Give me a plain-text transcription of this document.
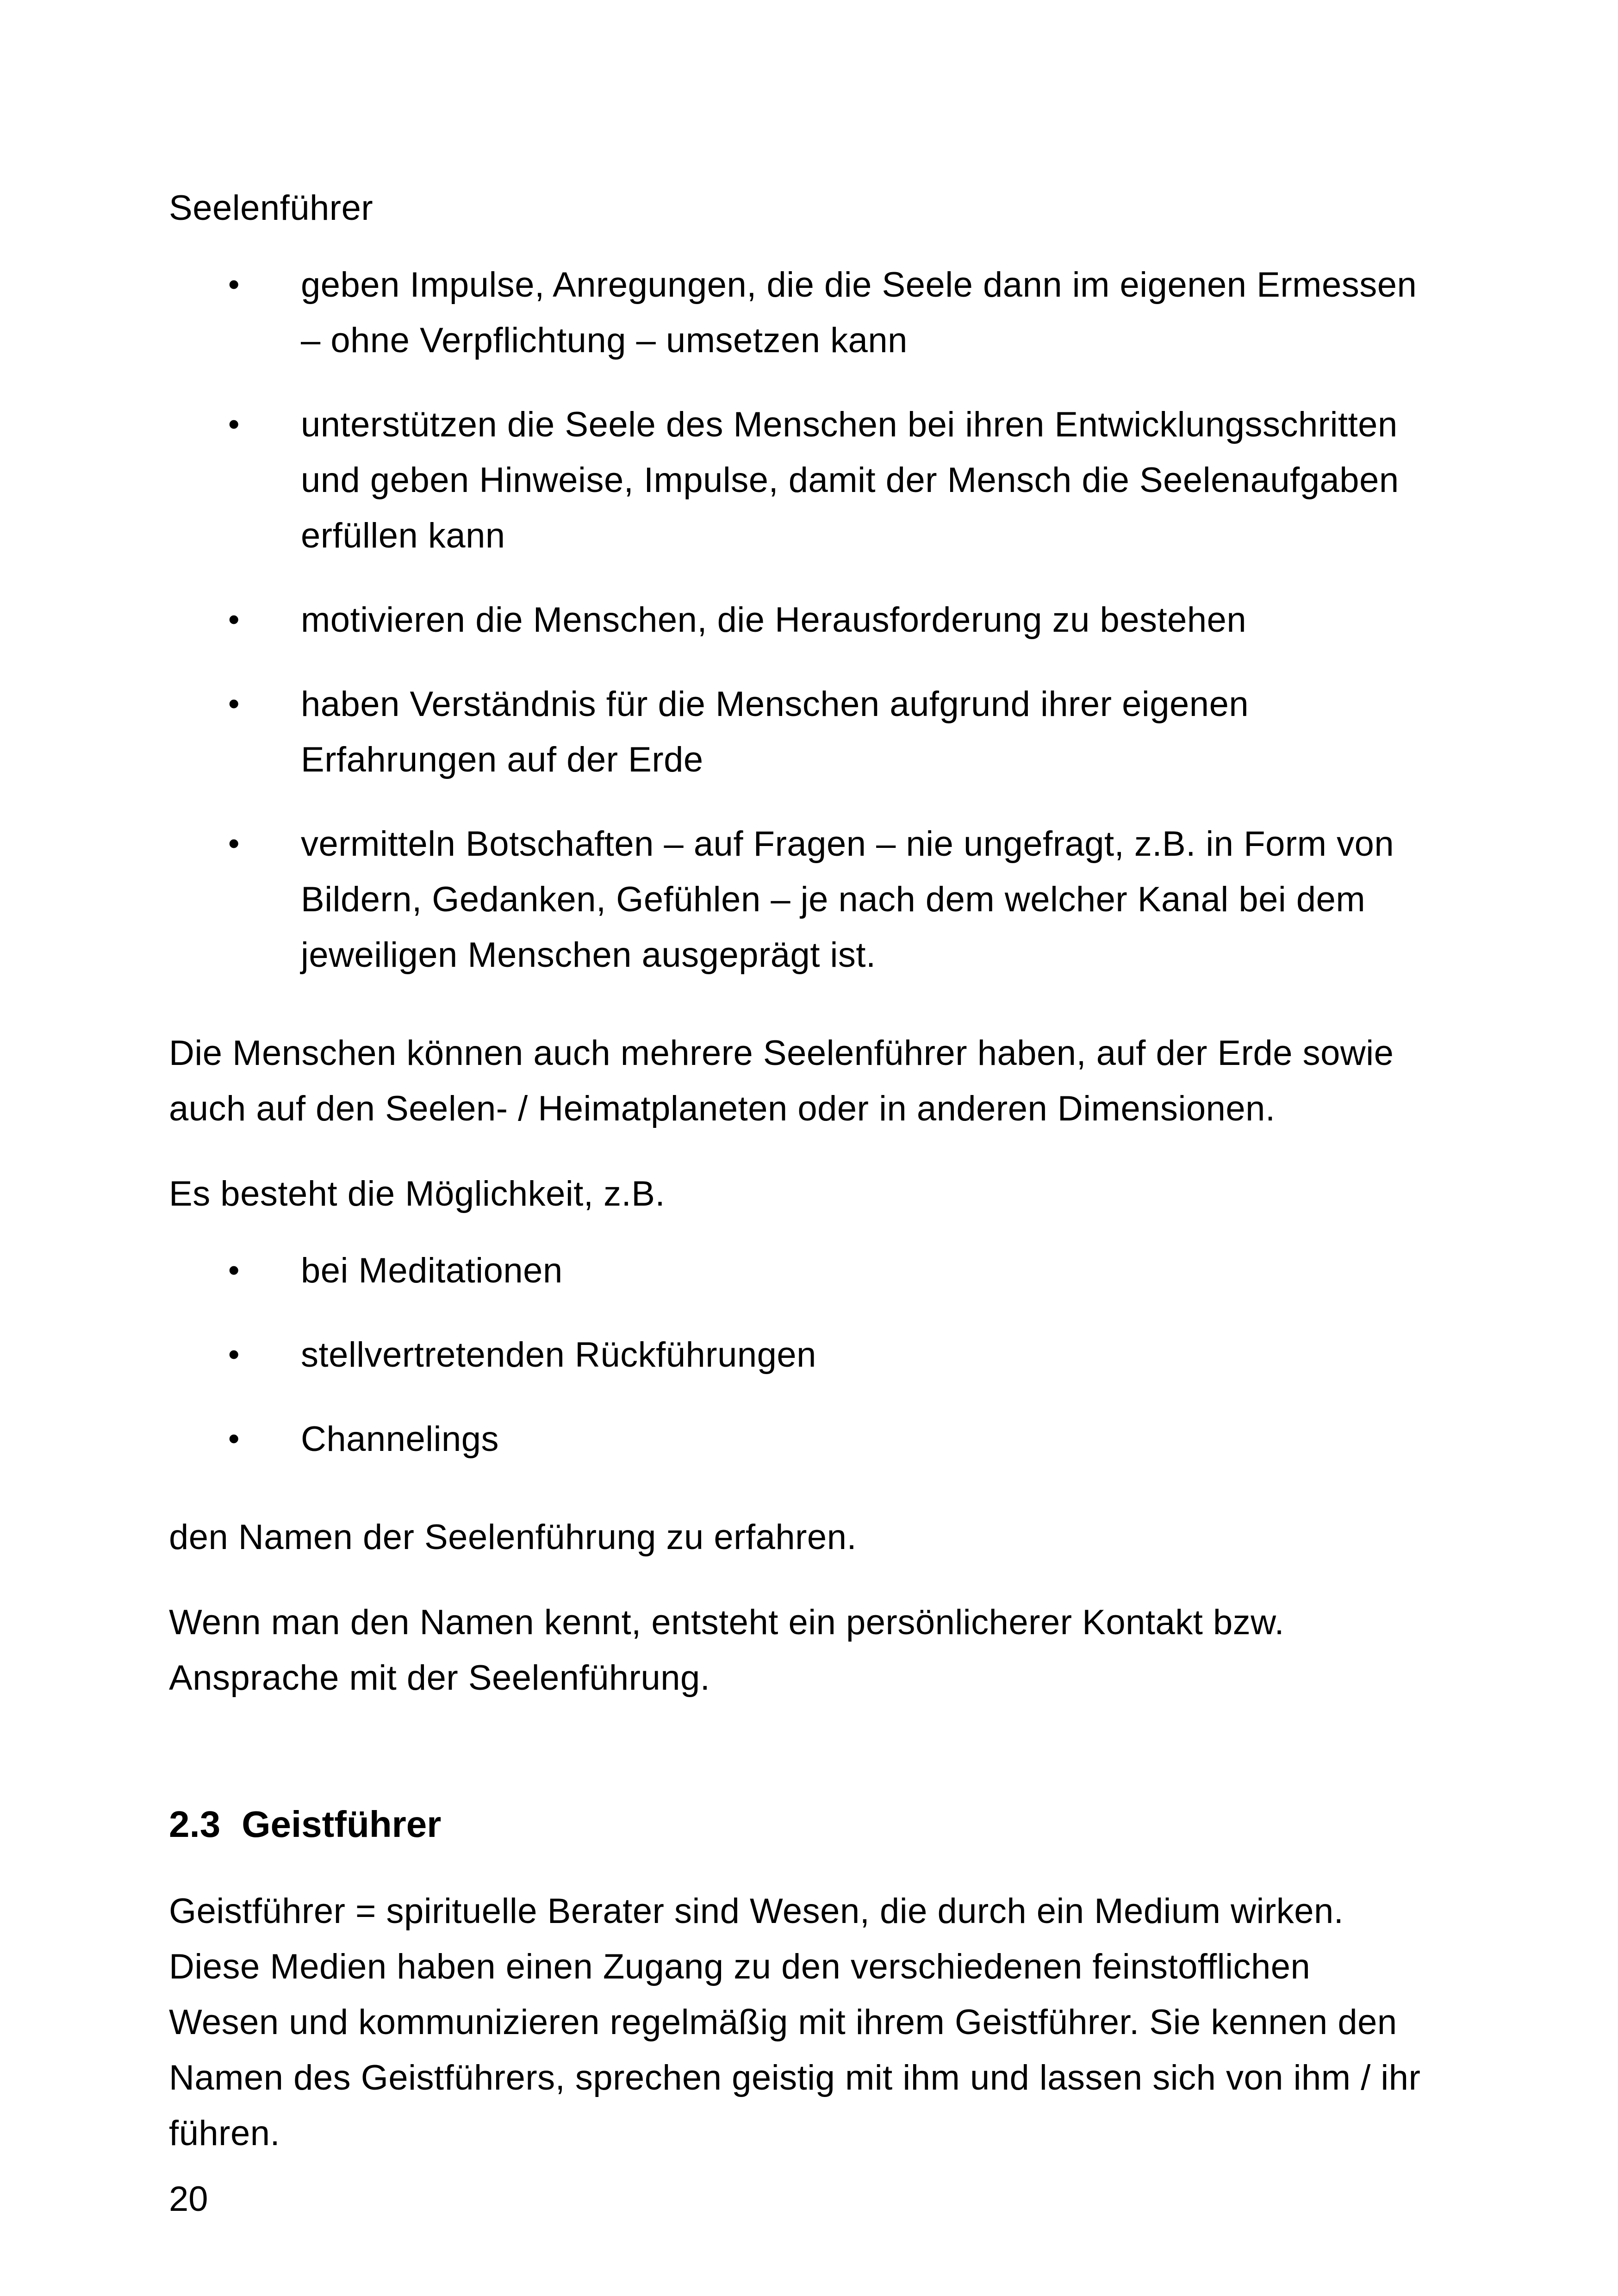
Seelenführer

• geben Impulse, Anregungen, die die Seele dann im eigenen Ermessen – ohne Verpflichtung – umsetzen kann
• unterstützen die Seele des Menschen bei ihren Entwicklungsschritten und geben Hinweise, Impulse, damit der Mensch die Seelenaufgaben erfüllen kann
• motivieren die Menschen, die Herausforderung zu bestehen
• haben Verständnis für die Menschen aufgrund ihrer eigenen Erfahrungen auf der Erde
• vermitteln Botschaften – auf Fragen – nie ungefragt, z.B. in Form von Bildern, Gedanken, Gefühlen – je nach dem welcher Kanal bei dem jeweiligen Menschen ausgeprägt ist.

Die Menschen können auch mehrere Seelenführer haben, auf der Erde sowie auch auf den Seelen- / Heimatplaneten oder in anderen Dimensionen.

Es besteht die Möglichkeit, z.B.

• bei Meditationen
• stellvertretenden Rückführungen
• Channelings

den Namen der Seelenführung zu erfahren.

Wenn man den Namen kennt, entsteht ein persönlicherer Kontakt bzw. Ansprache mit der Seelenführung.

2.3 Geistführer

Geistführer = spirituelle Berater sind Wesen, die durch ein Medium wirken. Diese Medien haben einen Zugang zu den verschiedenen feinstofflichen Wesen und kommunizieren regelmäßig mit ihrem Geistführer. Sie kennen den Namen des Geistführers, sprechen geistig mit ihm und lassen sich von ihm / ihr führen.

20
